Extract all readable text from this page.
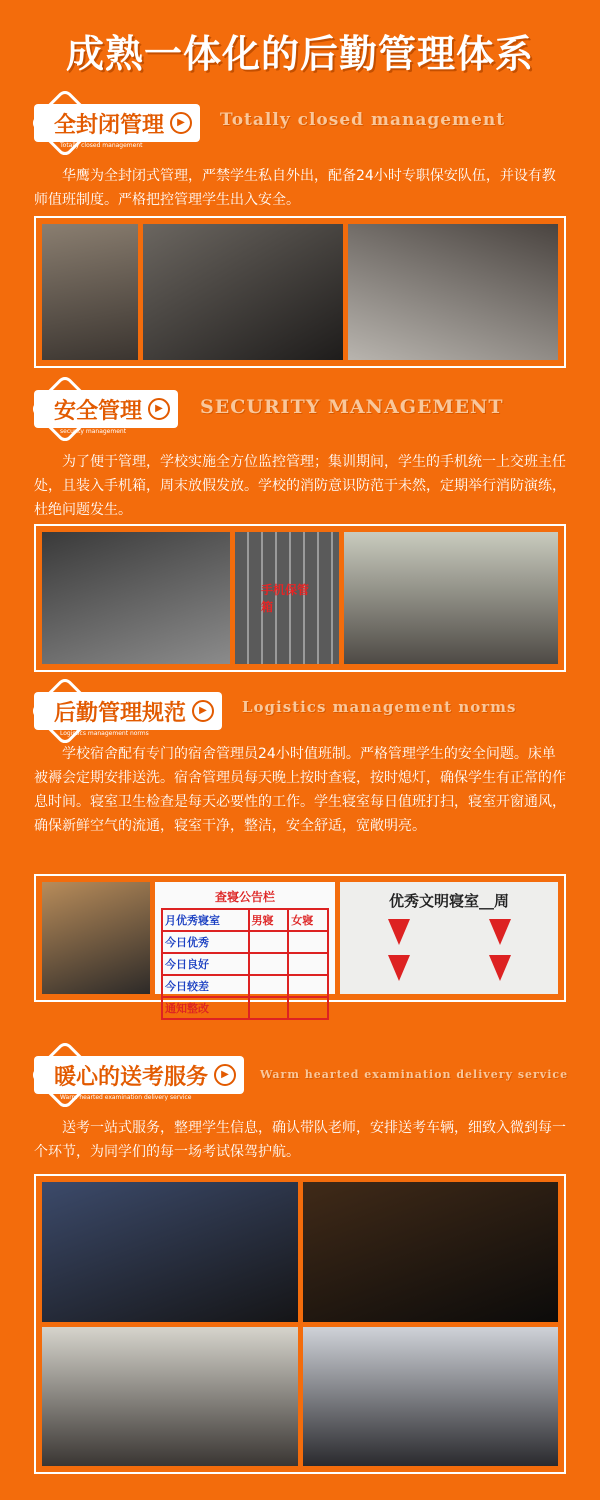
成熟一体化的后勤管理体系
全封闭管理	▶
Totally closed management
Totally closed management
华鹰为全封闭式管理，严禁学生私自外出，配备24小时专职保安队伍，并设有教师值班制度。严格把控管理学生出入安全。
安全管理	▶
security management
SECURITY MANAGEMENT
为了便于管理，学校实施全方位监控管理；集训期间，学生的手机统一上交班主任处，且装入手机箱，周末放假发放。学校的消防意识防范于未然，定期举行消防演练，杜绝问题发生。
手机保管箱
后勤管理规范	▶
Logistics management norms
Logistics management norms
学校宿舍配有专门的宿舍管理员24小时值班制。严格管理学生的安全问题。床单被褥会定期安排送洗。宿舍管理员每天晚上按时查寝，按时熄灯，确保学生有正常的作息时间。寝室卫生检查是每天必要性的工作。学生寝室每日值班打扫，寝室开窗通风，确保新鲜空气的流通，寝室干净，整洁，安全舒适，宽敞明亮。
查寝公告栏
月优秀寝室	男寝	女寝
今日优秀		
今日良好		
今日较差		
通知整改		
优秀文明寝室__周
暖心的送考服务	▶
Warm hearted examination delivery service
Warm hearted examination delivery service
送考一站式服务，整理学生信息，确认带队老师，安排送考车辆，细致入微到每一个环节，为同学们的每一场考试保驾护航。
